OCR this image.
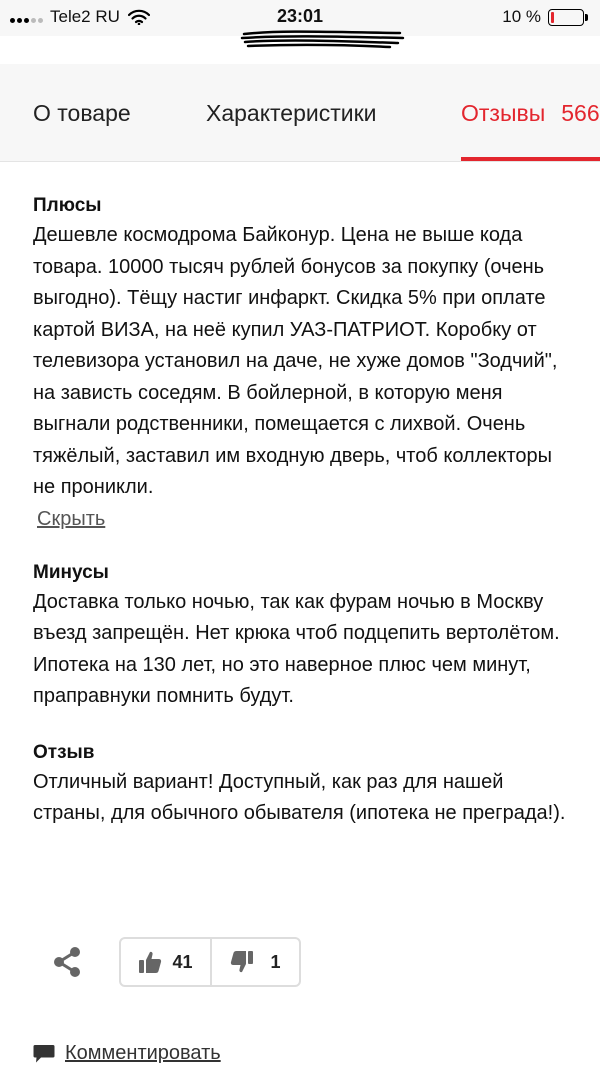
Tele2 RU	23:01	10 %
О товаре	Характеристики	Отзывы 566
Плюсы
Дешевле космодрома Байконур. Цена не выше кода товара. 10000 тысяч рублей бонусов за покупку (очень выгодно). Тёщу настиг инфаркт. Скидка 5% при оплате картой ВИЗА, на неё купил УАЗ-ПАТРИОТ. Коробку от телевизора установил на даче, не хуже домов "Зодчий", на зависть соседям. В бойлерной, в которую меня выгнали родственники, помещается с лихвой. Очень тяжёлый, заставил им входную дверь, чтоб коллекторы не проникли.
Скрыть
Минусы
Доставка только ночью, так как фурам ночью в Москву въезд запрещён. Нет крюка чтоб подцепить вертолётом. Ипотека на 130 лет, но это наверное плюс чем минут, праправнуки помнить будут.
Отзыв
Отличный вариант! Доступный, как раз для нашей страны, для обычного обывателя (ипотека не преграда!).
41	1
Комментировать
